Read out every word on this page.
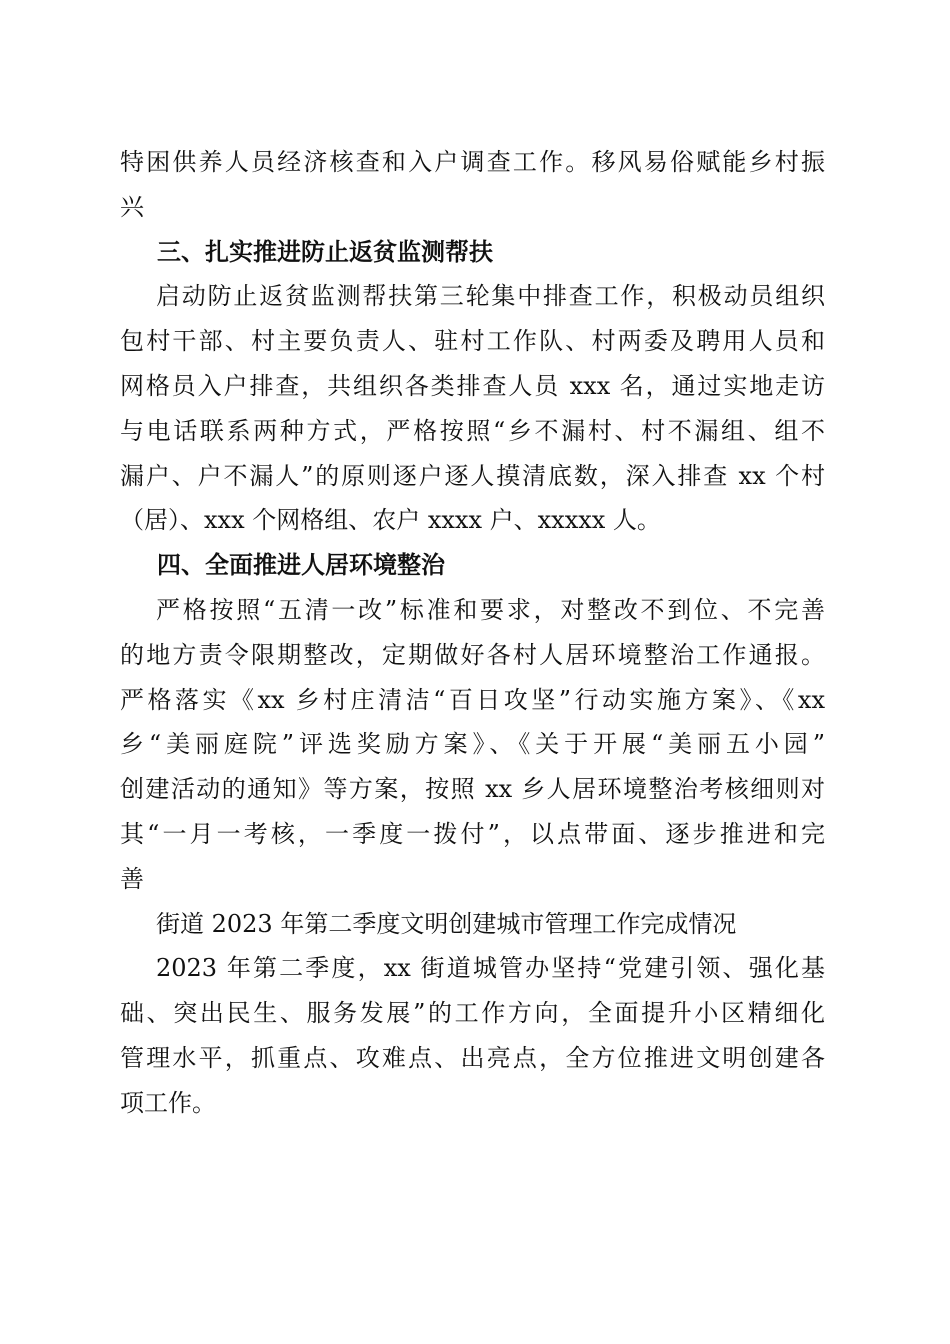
特困供养人员经济核查和入户调查工作。移风易俗赋能乡村振
兴
三、扎实推进防止返贫监测帮扶
启动防止返贫监测帮扶第三轮集中排查工作，积极动员组织
包村干部、村主要负责人、驻村工作队、村两委及聘用人员和
网格员入户排查，共组织各类排查人员 xxx 名，通过实地走访
与电话联系两种方式，严格按照“乡不漏村、村不漏组、组不
漏户、户不漏人”的原则逐户逐人摸清底数，深入排查 xx 个村
（居）、xxx 个网格组、农户 xxxx 户、xxxxx 人。
四、全面推进人居环境整治
严格按照“五清一改”标准和要求，对整改不到位、不完善
的地方责令限期整改，定期做好各村人居环境整治工作通报。
严格落实《xx 乡村庄清洁“百日攻坚”行动实施方案》、《xx
乡“美丽庭院”评选奖励方案》、《关于开展“美丽五小园”
创建活动的通知》等方案，按照 xx 乡人居环境整治考核细则对
其“一月一考核，一季度一拨付”，以点带面、逐步推进和完
善
街道 2023 年第二季度文明创建城市管理工作完成情况
2023 年第二季度，xx 街道城管办坚持“党建引领、强化基
础、突出民生、服务发展”的工作方向，全面提升小区精细化
管理水平，抓重点、攻难点、出亮点，全方位推进文明创建各
项工作。
